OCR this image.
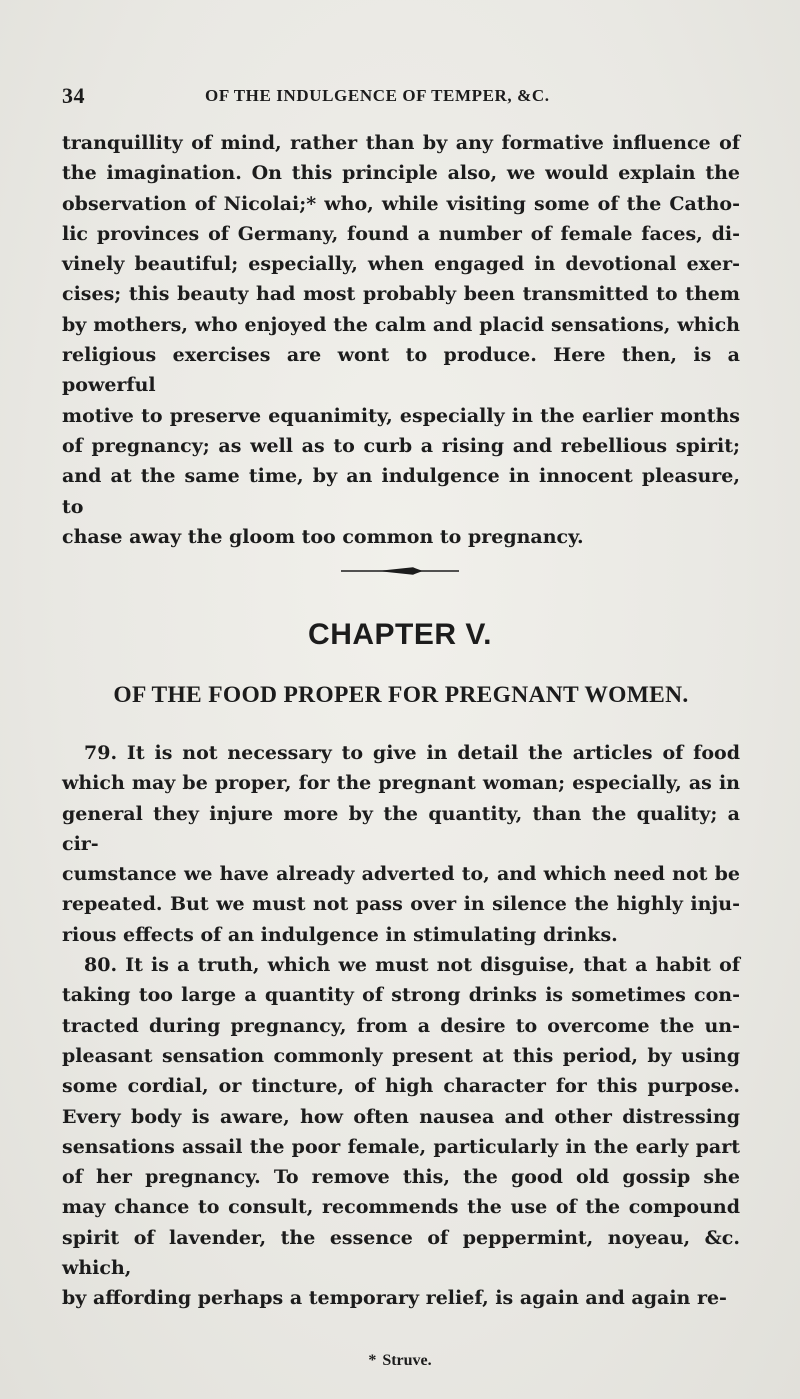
34	OF THE INDULGENCE OF TEMPER, &C.

tranquillity of mind, rather than by any formative influence of
the imagination. On this principle also, we would explain the
observation of Nicolai;* who, while visiting some of the Catho-
lic provinces of Germany, found a number of female faces, di-
vinely beautiful; especially, when engaged in devotional exer-
cises; this beauty had most probably been transmitted to them
by mothers, who enjoyed the calm and placid sensations, which
religious exercises are wont to produce. Here then, is a powerful
motive to preserve equanimity, especially in the earlier months
of pregnancy; as well as to curb a rising and rebellious spirit;
and at the same time, by an indulgence in innocent pleasure, to
chase away the gloom too common to pregnancy.

CHAPTER V.
OF THE FOOD PROPER FOR PREGNANT WOMEN.

79. It is not necessary to give in detail the articles of food
which may be proper, for the pregnant woman; especially, as in
general they injure more by the quantity, than the quality; a cir-
cumstance we have already adverted to, and which need not be
repeated. But we must not pass over in silence the highly inju-
rious effects of an indulgence in stimulating drinks.

80. It is a truth, which we must not disguise, that a habit of
taking too large a quantity of strong drinks is sometimes con-
tracted during pregnancy, from a desire to overcome the un-
pleasant sensation commonly present at this period, by using
some cordial, or tincture, of high character for this purpose.
Every body is aware, how often nausea and other distressing
sensations assail the poor female, particularly in the early part
of her pregnancy. To remove this, the good old gossip she
may chance to consult, recommends the use of the compound
spirit of lavender, the essence of peppermint, noyeau, &c. which,
by affording perhaps a temporary relief, is again and again re-

* Struve.
